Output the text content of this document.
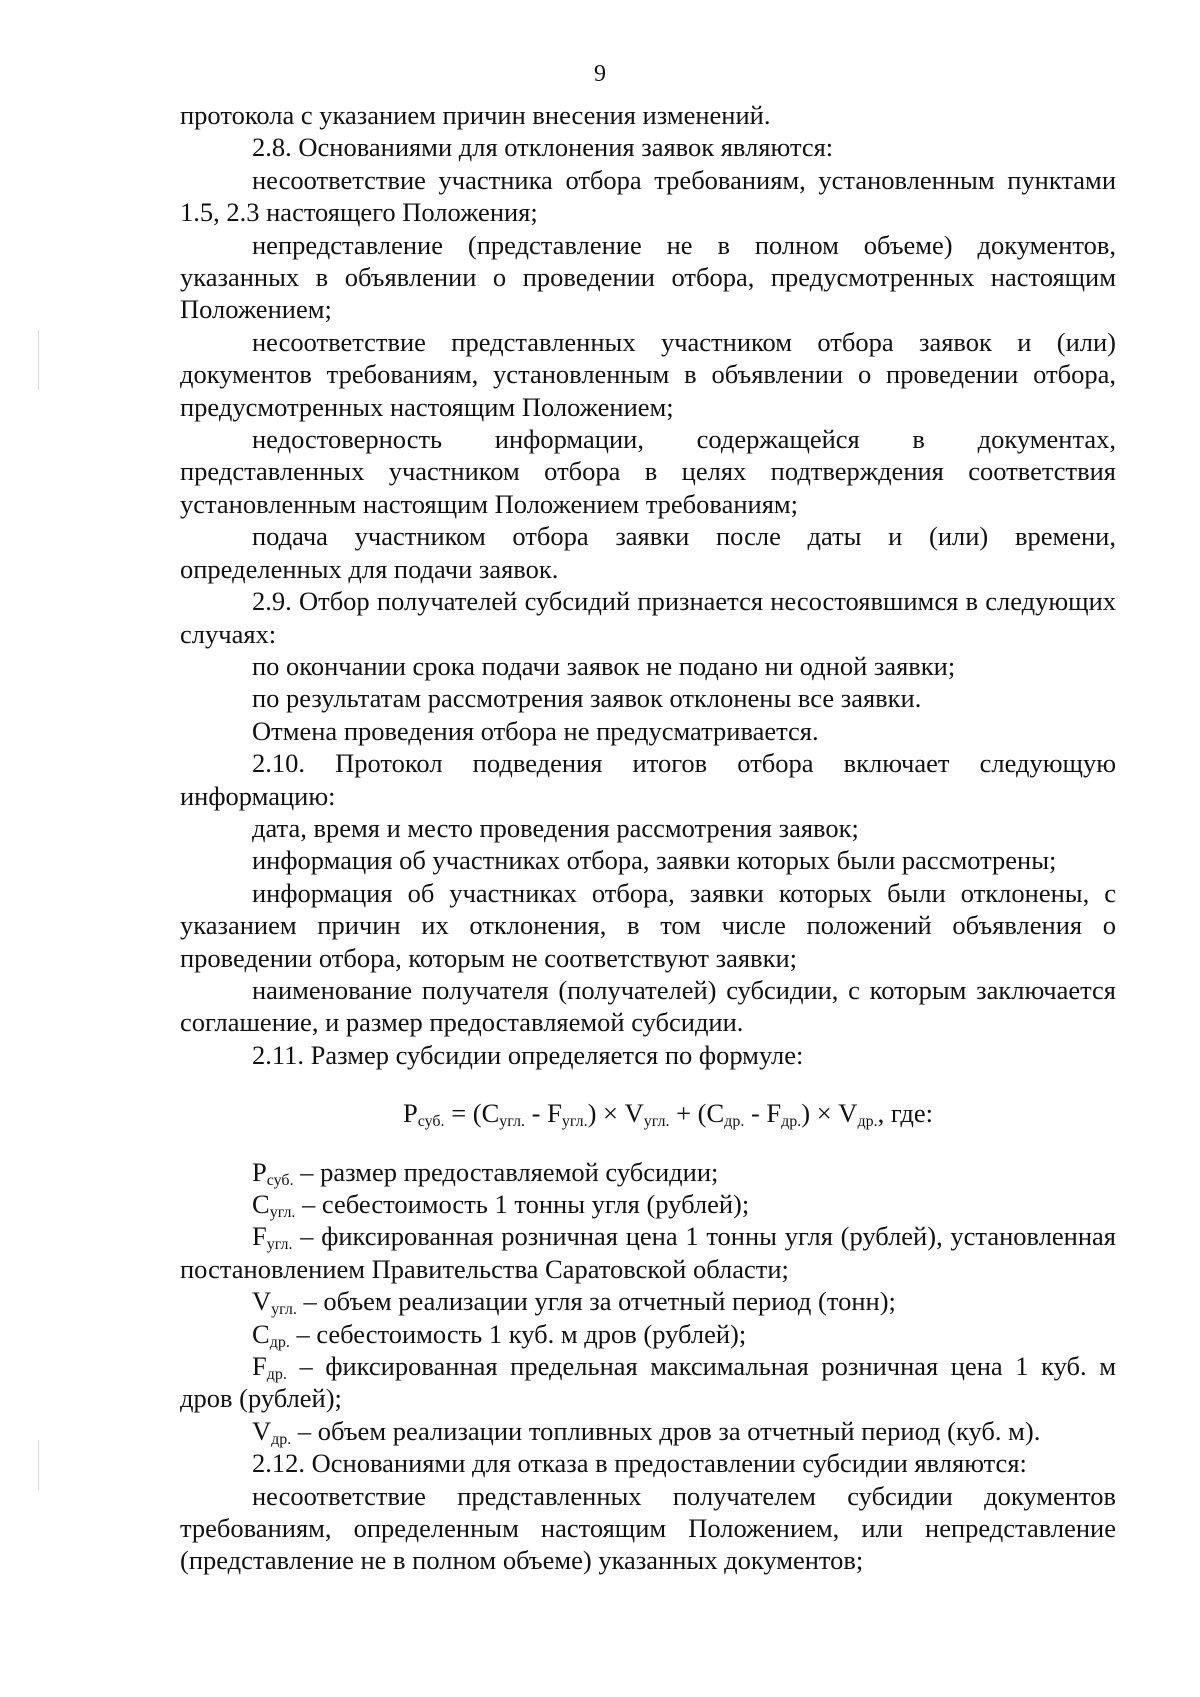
9

протокола с указанием причин внесения изменений.

2.8. Основаниями для отклонения заявок являются:

несоответствие участника отбора требованиям, установленным пунктами 1.5, 2.3 настоящего Положения;

непредставление (представление не в полном объеме) документов, указанных в объявлении о проведении отбора, предусмотренных настоящим Положением;

несоответствие представленных участником отбора заявок и (или) документов требованиям, установленным в объявлении о проведении отбора, предусмотренных настоящим Положением;

недостоверность информации, содержащейся в документах, представленных участником отбора в целях подтверждения соответствия установленным настоящим Положением требованиям;

подача участником отбора заявки после даты и (или) времени, определенных для подачи заявок.

2.9. Отбор получателей субсидий признается несостоявшимся в следующих случаях:

по окончании срока подачи заявок не подано ни одной заявки;

по результатам рассмотрения заявок отклонены все заявки.

Отмена проведения отбора не предусматривается.

2.10. Протокол подведения итогов отбора включает следующую информацию:

дата, время и место проведения рассмотрения заявок;

информация об участниках отбора, заявки которых были рассмотрены;

информация об участниках отбора, заявки которых были отклонены, с указанием причин их отклонения, в том числе положений объявления о проведении отбора, которым не соответствуют заявки;

наименование получателя (получателей) субсидии, с которым заключается соглашение, и размер предоставляемой субсидии.

2.11. Размер субсидии определяется по формуле:

$P_{суб.} = (C_{угл.} - F_{угл.}) \times V_{угл.} + (C_{др.} - F_{др.}) \times V_{др.}$, где:

$P_{суб.}$ – размер предоставляемой субсидии;

$C_{угл.}$ – себестоимость 1 тонны угля (рублей);

$F_{угл.}$ – фиксированная розничная цена 1 тонны угля (рублей), установленная постановлением Правительства Саратовской области;

$V_{угл.}$ – объем реализации угля за отчетный период (тонн);

$C_{др.}$ – себестоимость 1 куб. м дров (рублей);

$F_{др.}$ – фиксированная предельная максимальная розничная цена 1 куб. м дров (рублей);

$V_{др.}$ – объем реализации топливных дров за отчетный период (куб. м).

2.12. Основаниями для отказа в предоставлении субсидии являются:

несоответствие представленных получателем субсидии документов требованиям, определенным настоящим Положением, или непредставление (представление не в полном объеме) указанных документов;
